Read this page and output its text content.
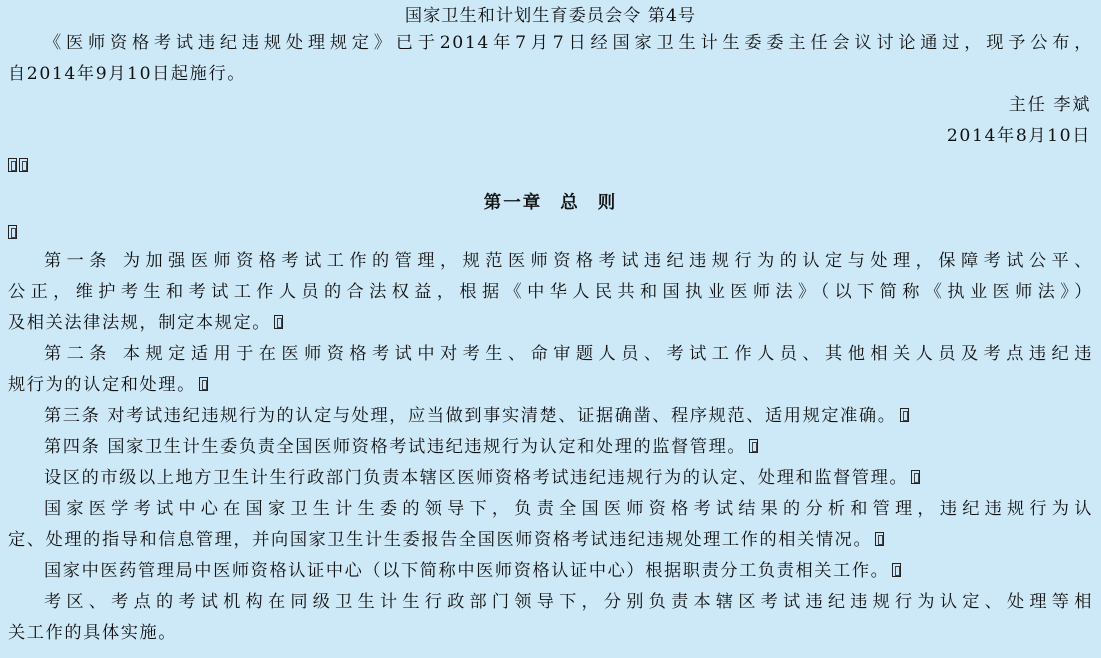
国家卫生和计划生育委员会令 第4号
《医师资格考试违纪违规处理规定》已于2014年7月7日经国家卫生计生委委主任会议讨论通过，现予公布，
自2014年9月10日起施行。
主任 李斌
2014年8月10日
第一章 总 则
第一条 为加强医师资格考试工作的管理，规范医师资格考试违纪违规行为的认定与处理，保障考试公平、
公正，维护考生和考试工作人员的合法权益，根据《中华人民共和国执业医师法》（以下简称《执业医师法》）
及相关法律法规，制定本规定。
第二条 本规定适用于在医师资格考试中对考生、命审题人员、考试工作人员、其他相关人员及考点违纪违
规行为的认定和处理。
第三条 对考试违纪违规行为的认定与处理，应当做到事实清楚、证据确凿、程序规范、适用规定准确。
第四条 国家卫生计生委负责全国医师资格考试违纪违规行为认定和处理的监督管理。
设区的市级以上地方卫生计生行政部门负责本辖区医师资格考试违纪违规行为的认定、处理和监督管理。
国家医学考试中心在国家卫生计生委的领导下，负责全国医师资格考试结果的分析和管理，违纪违规行为认
定、处理的指导和信息管理，并向国家卫生计生委报告全国医师资格考试违纪违规处理工作的相关情况。
国家中医药管理局中医师资格认证中心（以下简称中医师资格认证中心）根据职责分工负责相关工作。
考区、考点的考试机构在同级卫生计生行政部门领导下，分别负责本辖区考试违纪违规行为认定、处理等相
关工作的具体实施。
